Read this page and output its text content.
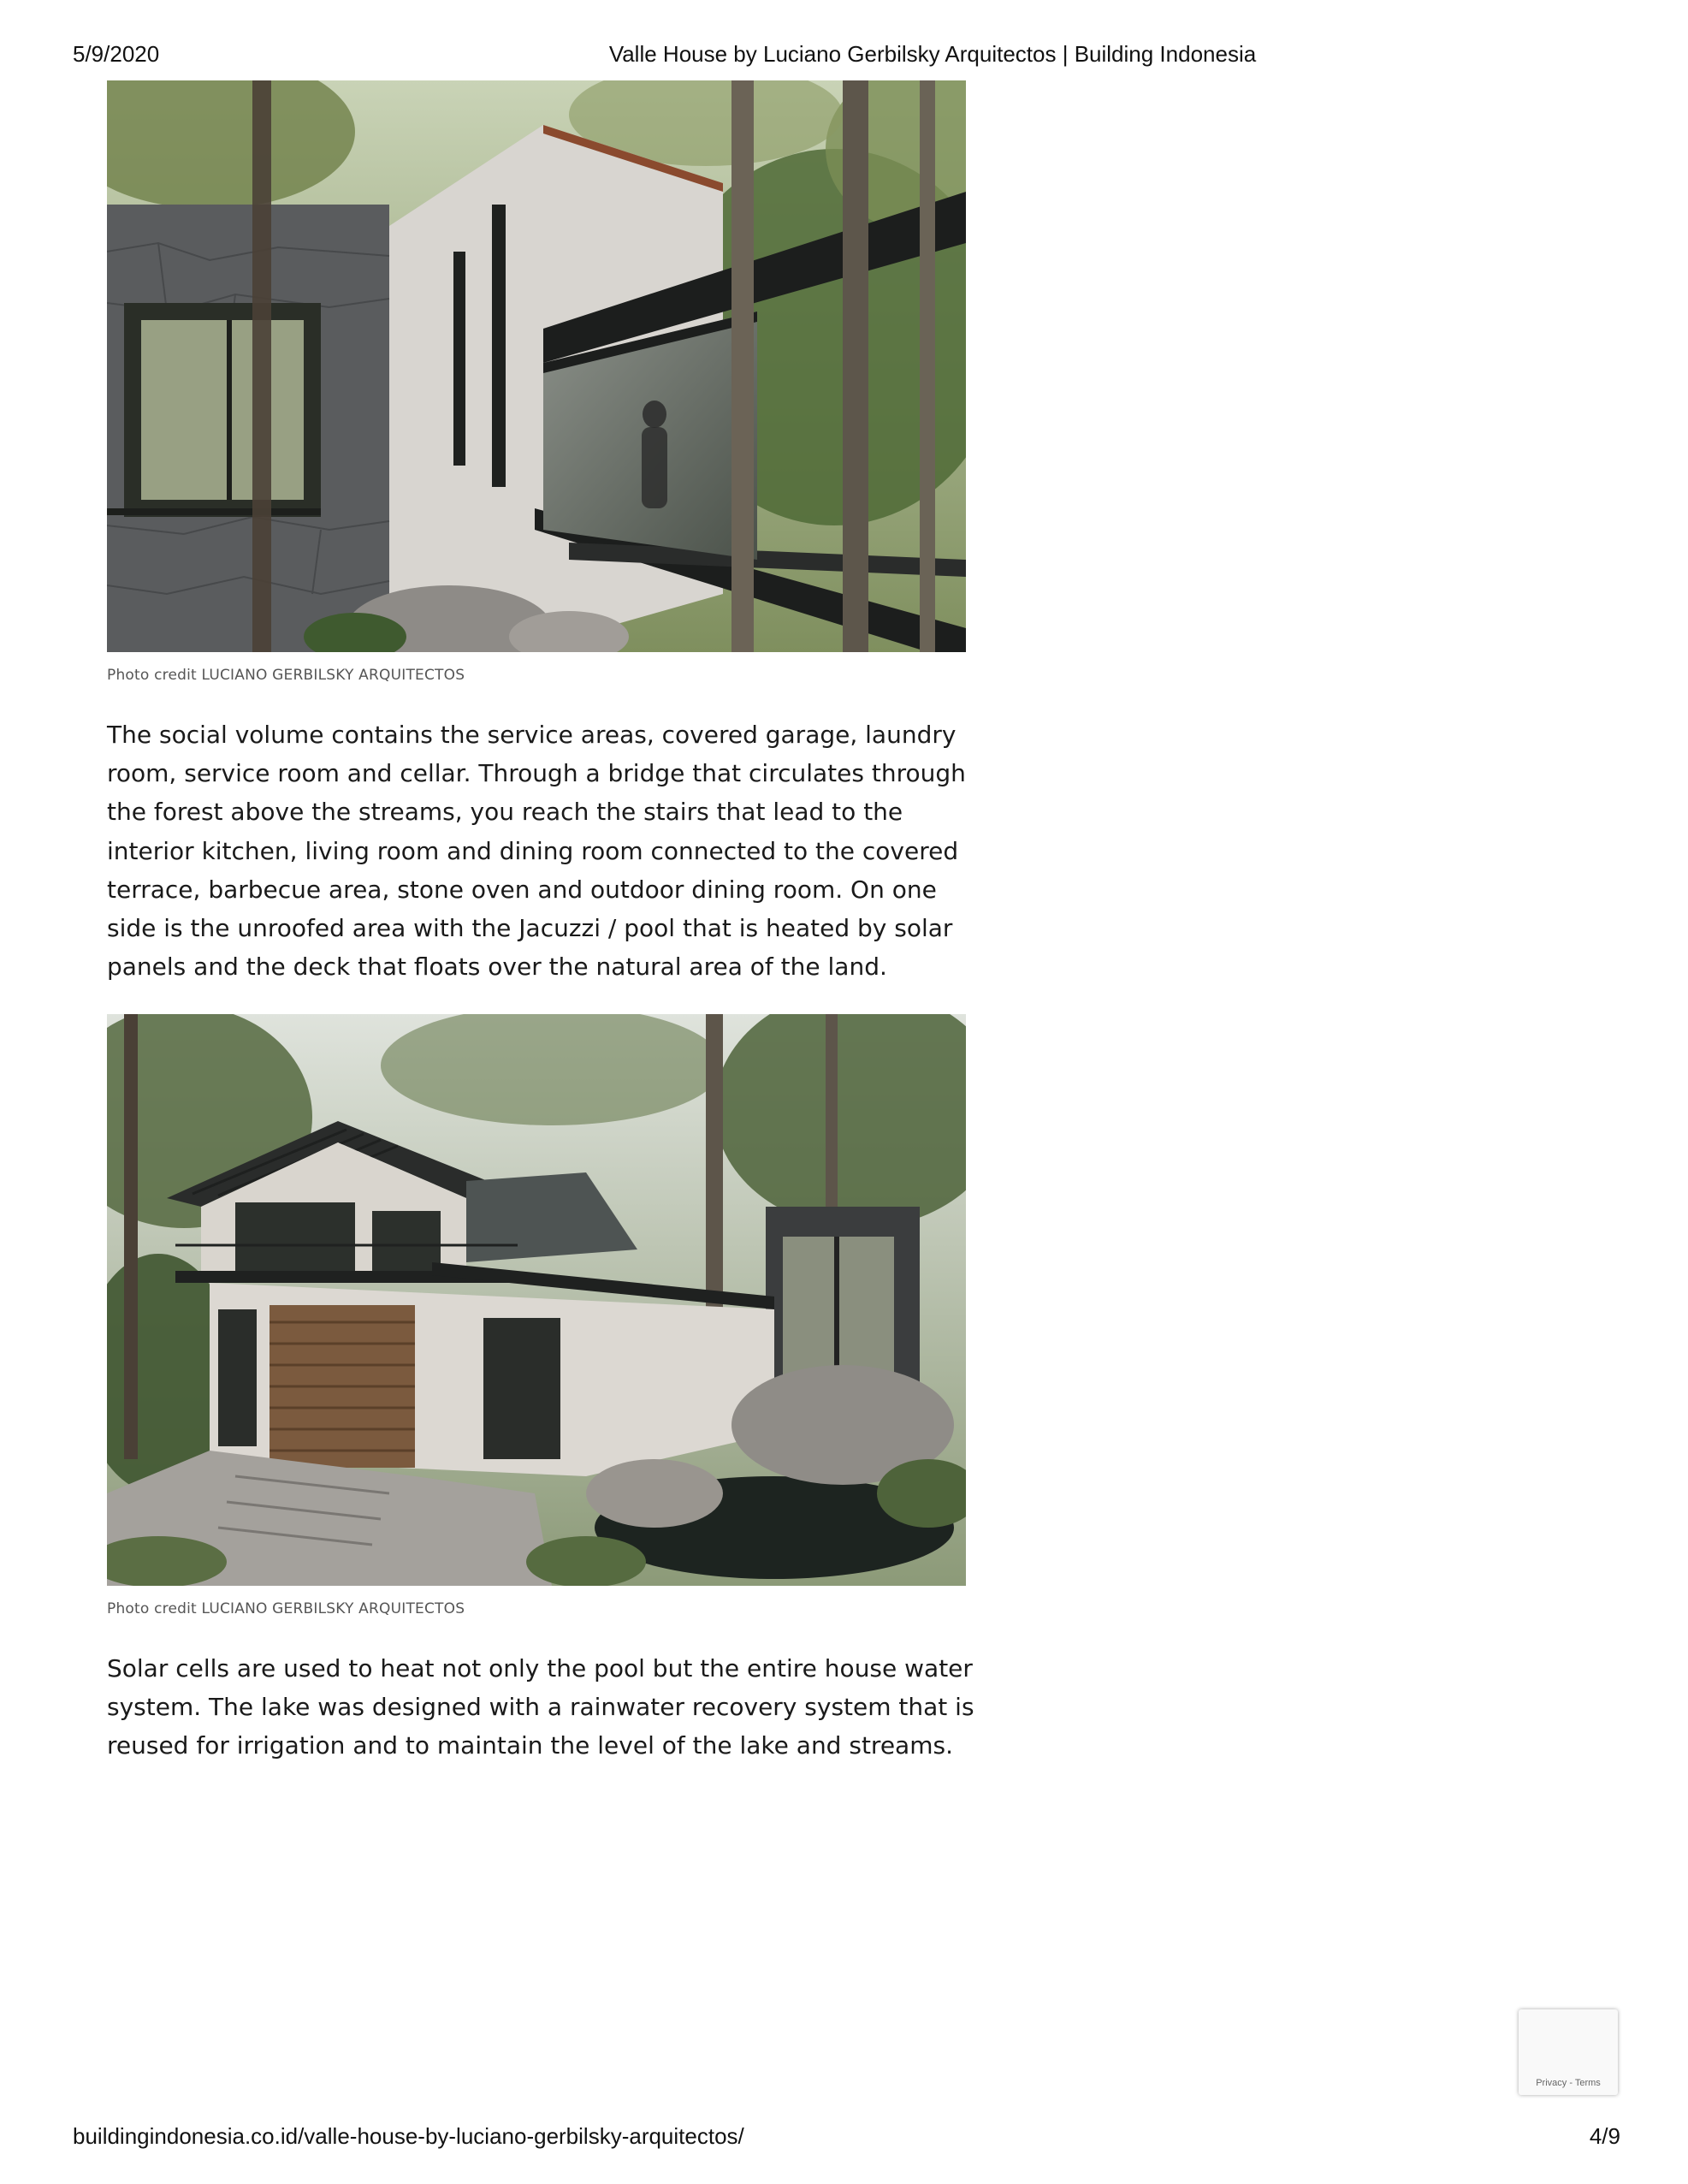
5/9/2020	Valle House by Luciano Gerbilsky Arquitectos | Building Indonesia
Photo credit LUCIANO GERBILSKY ARQUITECTOS

The social volume contains the service areas, covered garage, laundry room, service room and cellar. Through a bridge that circulates through the forest above the streams, you reach the stairs that lead to the interior kitchen, living room and dining room connected to the covered terrace, barbecue area, stone oven and outdoor dining room. On one side is the unroofed area with the Jacuzzi / pool that is heated by solar panels and the deck that floats over the natural area of the land.

Photo credit LUCIANO GERBILSKY ARQUITECTOS

Solar cells are used to heat not only the pool but the entire house water system. The lake was designed with a rainwater recovery system that is reused for irrigation and to maintain the level of the lake and streams.

Privacy - Terms
buildingindonesia.co.id/valle-house-by-luciano-gerbilsky-arquitectos/	4/9
